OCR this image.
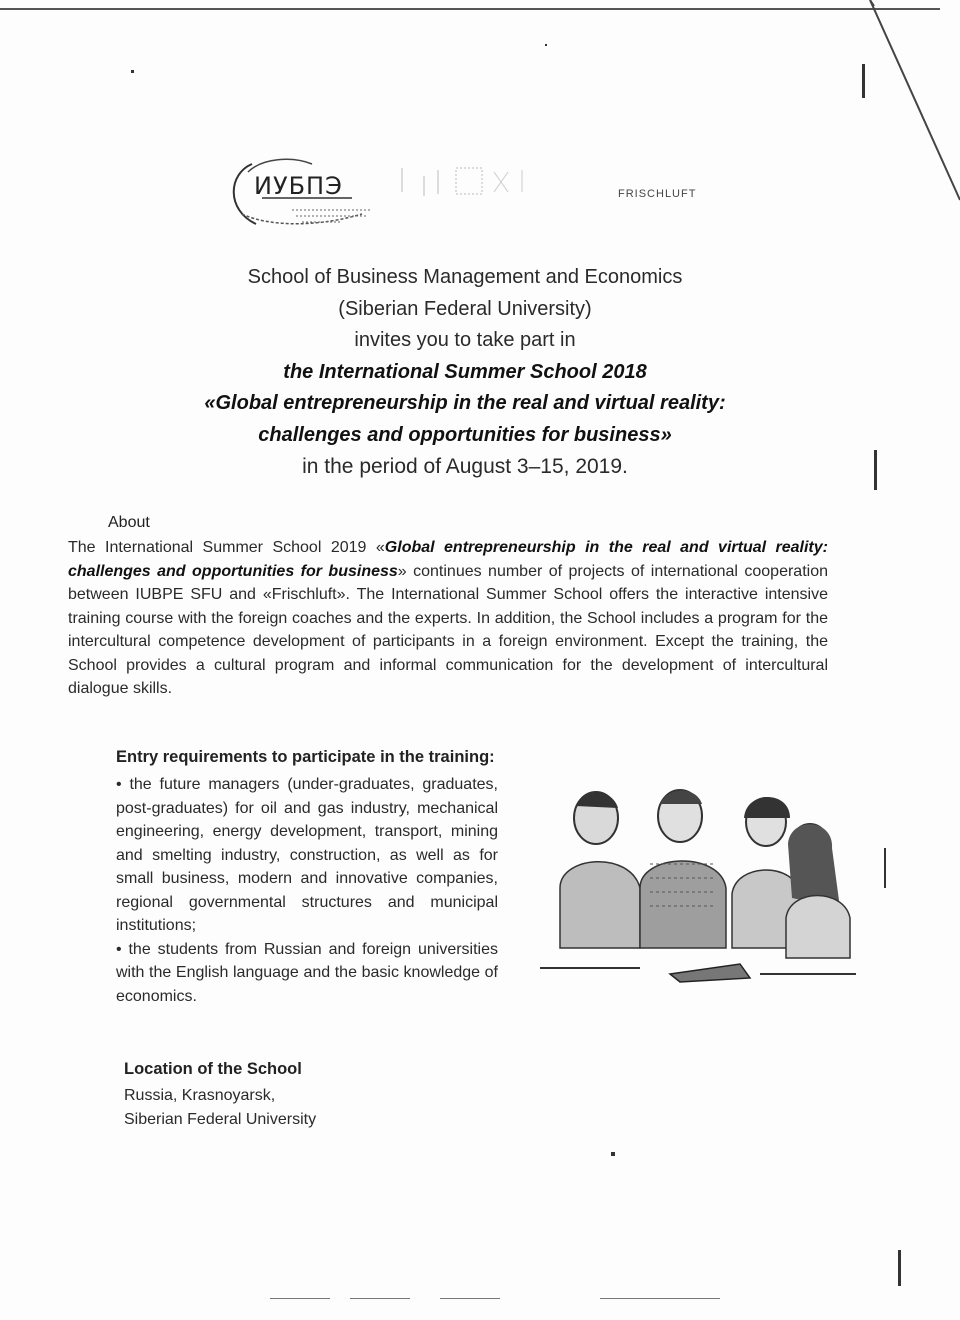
ИУБПЭ	FRISCHLUFT
School of Business Management and Economics
(Siberian Federal University)
invites you to take part in
the International Summer School 2018
«Global entrepreneurship in the real and virtual reality:
challenges and opportunities for business»
in the period of August 3–15, 2019.
About
The International Summer School 2019 «Global entrepreneurship in the real and virtual reality: challenges and opportunities for business» continues number of projects of international cooperation between IUBPE SFU and «Frischluft». The International Summer School offers the interactive intensive training course with the foreign coaches and the experts. In addition, the School includes a program for the intercultural competence development of participants in a foreign environment. Except the training, the School provides a cultural program and informal communication for the development of intercultural dialogue skills.
Entry requirements to participate in the training:

• the future managers (under-graduates, graduates, post-graduates) for oil and gas industry, mechanical engineering, energy development, transport, mining and smelting industry, construction, as well as for small business, modern and innovative companies, regional governmental structures and municipal institutions;

• the students from Russian and foreign universities with the English language and the basic knowledge of economics.

Location of the School
Russia, Krasnoyarsk,
Siberian Federal University
